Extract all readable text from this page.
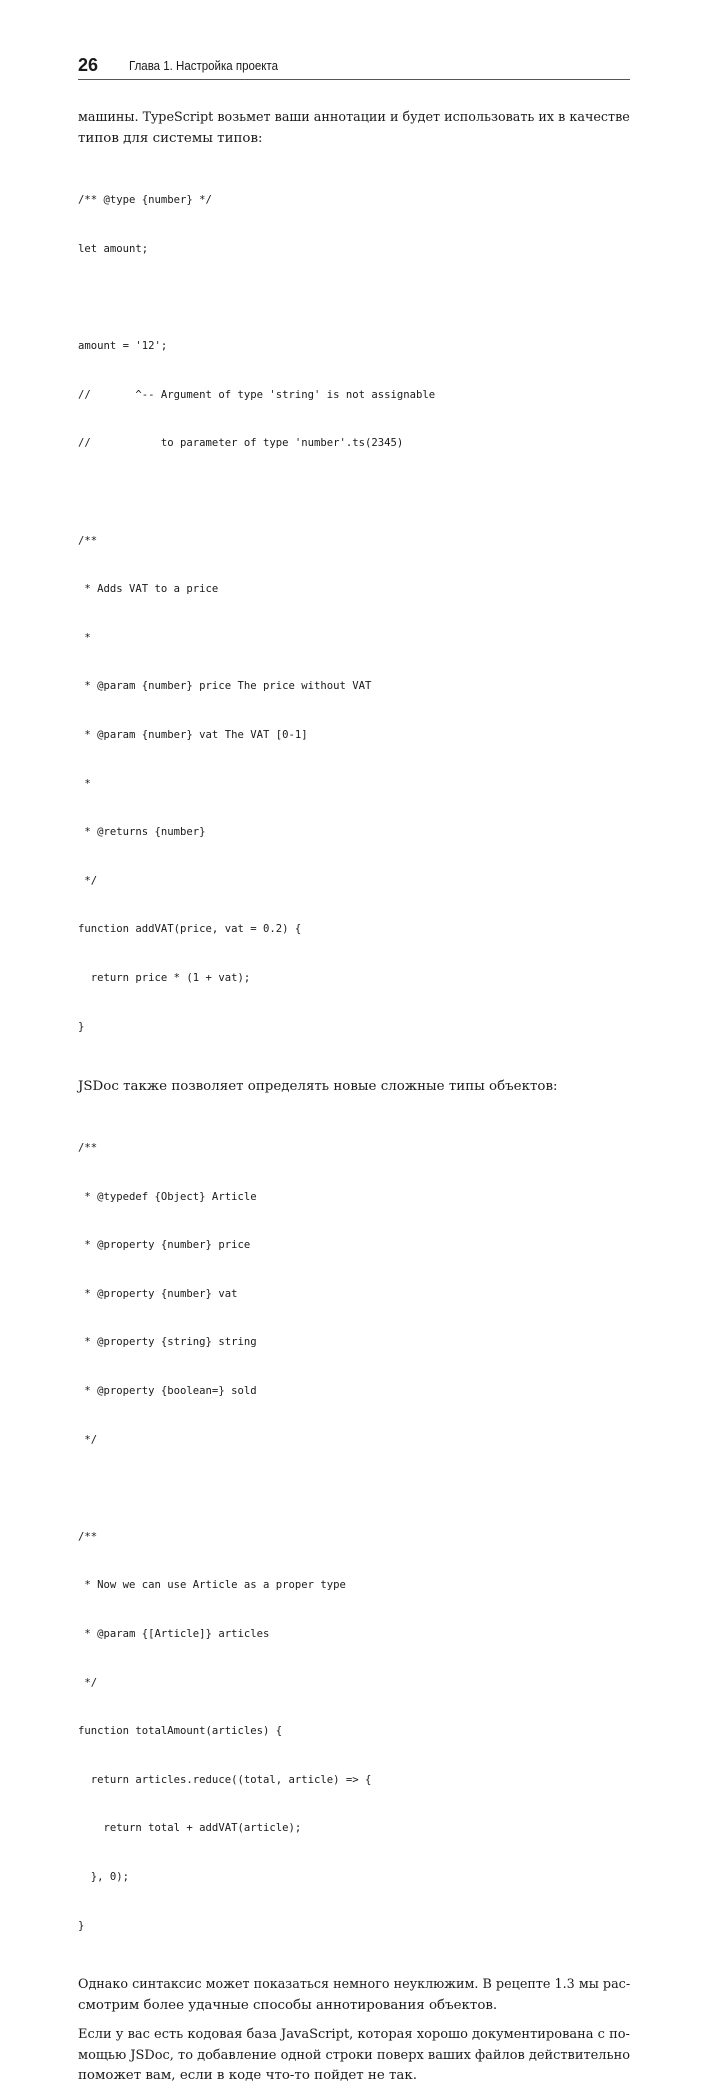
26 Глава 1. Настройка проекта

машины. TypeScript возьмет ваши аннотации и будет использовать их в качестве
типов для системы типов:

/** @type {number} */

let amount;

amount = '12';

//       ^-- Argument of type 'string' is not assignable

//           to parameter of type 'number'.ts(2345)

/**

* Adds VAT to a price

*

* @param {number} price The price without VAT

* @param {number} vat The VAT [0-1]

*

* @returns {number}

*/

function addVAT(price, vat = 0.2) {

return price * (1 + vat);

}

JSDoc также позволяет определять новые сложные типы объектов:

/**

* @typedef {Object} Article

* @property {number} price

* @property {number} vat

* @property {string} string

* @property {boolean=} sold

*/

/**

* Now we can use Article as a proper type

* @param {[Article]} articles

*/

function totalAmount(articles) {

return articles.reduce((total, article) => {

return total + addVAT(article);

}, 0);

}

Однако синтаксис может показаться немного неуклюжим. В рецепте 1.3 мы рас-
смотрим более удачные способы аннотирования объектов.

Если у вас есть кодовая база JavaScript, которая хорошо документирована с по-
мощью JSDoc, то добавление одной строки поверх ваших файлов действительно
поможет вам, если в коде что-то пойдет не так.
